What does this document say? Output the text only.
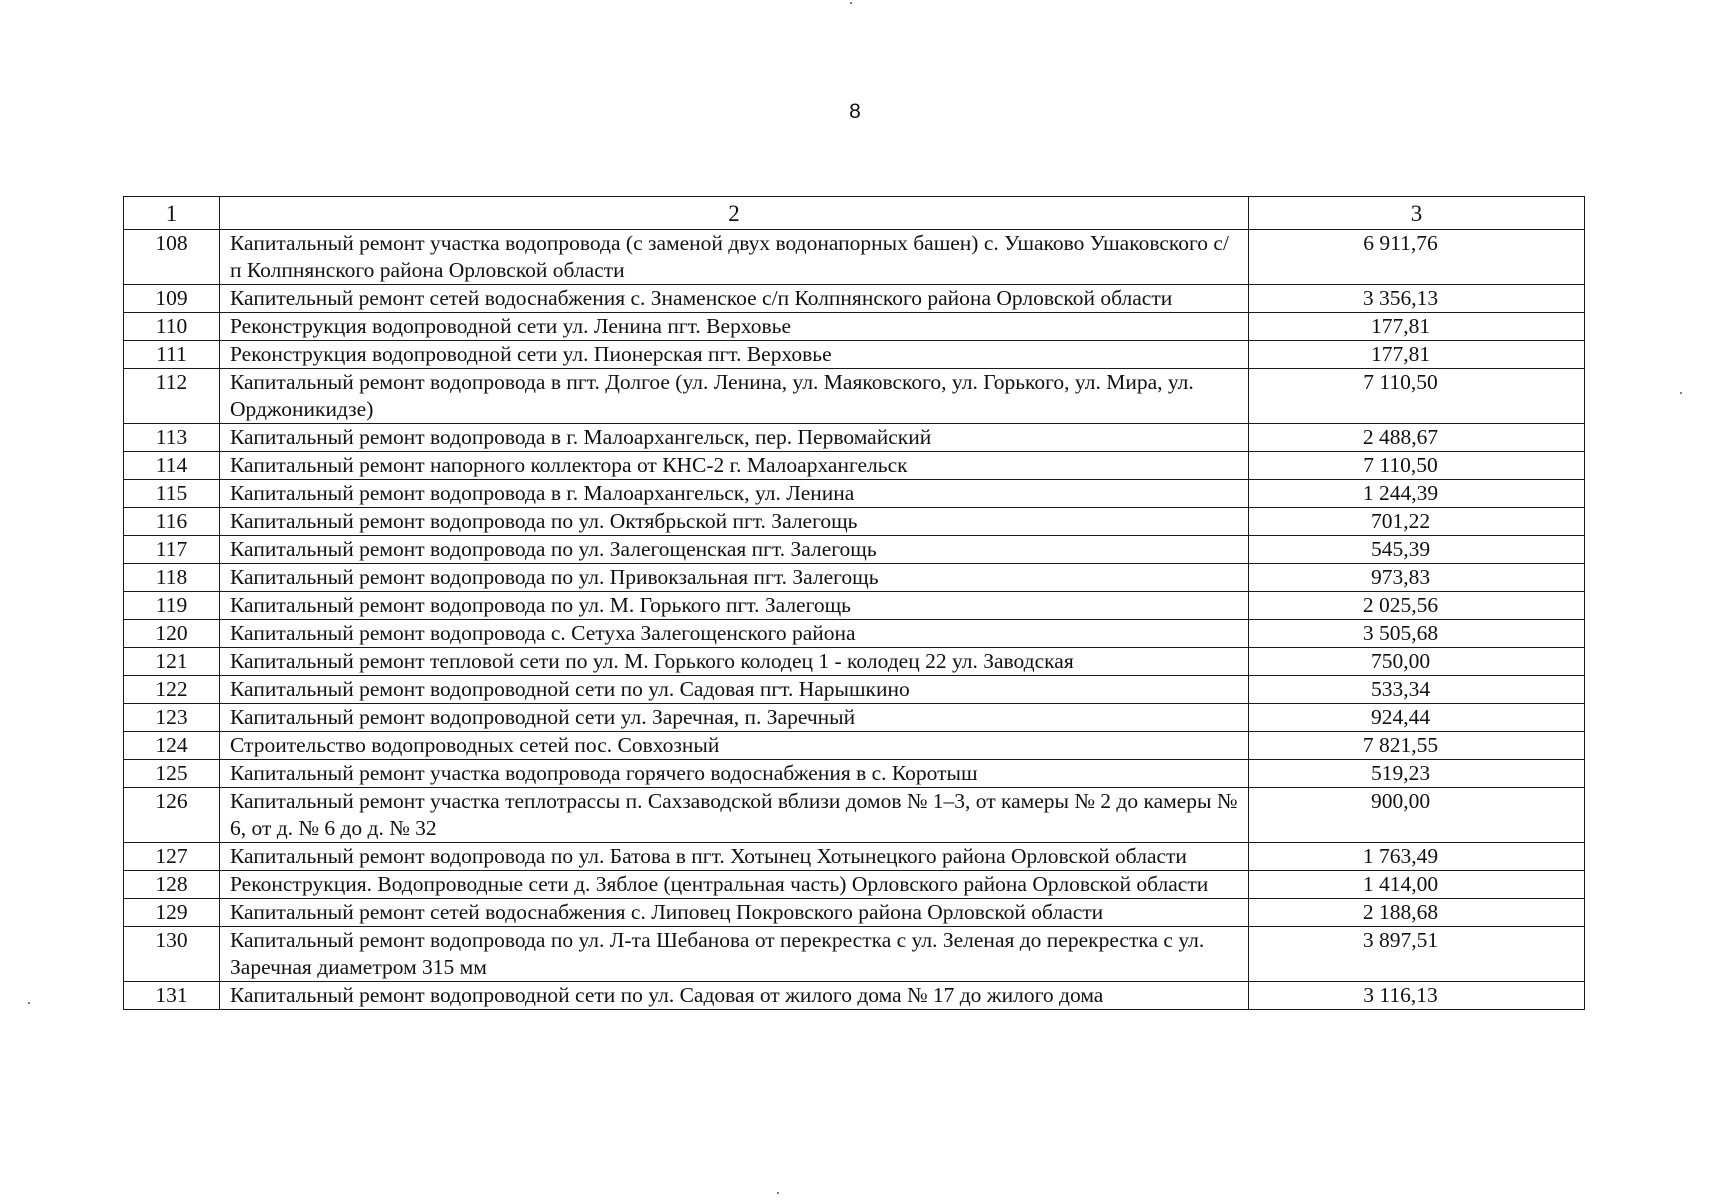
8
1	2	3
108	Капитальный ремонт участка водопровода (с заменой двух водонапорных башен) с. Ушаково Ушаковского с/п Колпнянского района Орловской области	6 911,76
109	Капительный ремонт сетей водоснабжения с. Знаменское с/п Колпнянского района Орловской области	3 356,13
110	Реконструкция водопроводной сети ул. Ленина пгт. Верховье	177,81
111	Реконструкция водопроводной сети ул. Пионерская пгт. Верховье	177,81
112	Капитальный ремонт водопровода в пгт. Долгое (ул. Ленина, ул. Маяковского, ул. Горького, ул. Мира, ул. Орджоникидзе)	7 110,50
113	Капитальный ремонт водопровода в г. Малоархангельск, пер. Первомайский	2 488,67
114	Капитальный ремонт напорного коллектора от КНС-2 г. Малоархангельск	7 110,50
115	Капитальный ремонт водопровода в г. Малоархангельск, ул. Ленина	1 244,39
116	Капитальный ремонт водопровода по ул. Октябрьской пгт. Залегощь	701,22
117	Капитальный ремонт водопровода по ул. Залегощенская пгт. Залегощь	545,39
118	Капитальный ремонт водопровода по ул. Привокзальная пгт. Залегощь	973,83
119	Капитальный ремонт водопровода по ул. М. Горького пгт. Залегощь	2 025,56
120	Капитальный ремонт водопровода с. Сетуха Залегощенского района	3 505,68
121	Капитальный ремонт тепловой сети по ул. М. Горького колодец 1 - колодец 22 ул. Заводская	750,00
122	Капитальный ремонт водопроводной сети по ул. Садовая пгт. Нарышкино	533,34
123	Капитальный ремонт водопроводной сети ул. Заречная, п. Заречный	924,44
124	Строительство водопроводных сетей пос. Совхозный	7 821,55
125	Капитальный ремонт участка водопровода горячего водоснабжения в с. Коротыш	519,23
126	Капитальный ремонт участка теплотрассы п. Сахзаводской вблизи домов № 1–3, от камеры № 2 до камеры № 6, от д. № 6 до д. № 32	900,00
127	Капитальный ремонт водопровода по ул. Батова в пгт. Хотынец Хотынецкого района Орловской области	1 763,49
128	Реконструкция. Водопроводные сети д. Зяблое (центральная часть) Орловского района Орловской области	1 414,00
129	Капитальный ремонт сетей водоснабжения с. Липовец Покровского района Орловской области	2 188,68
130	Капитальный ремонт водопровода по ул. Л-та Шебанова от перекрестка с ул. Зеленая до перекрестка с ул. Заречная диаметром 315 мм	3 897,51
131	Капитальный ремонт водопроводной сети по ул. Садовая от жилого дома № 17 до жилого дома	3 116,13
